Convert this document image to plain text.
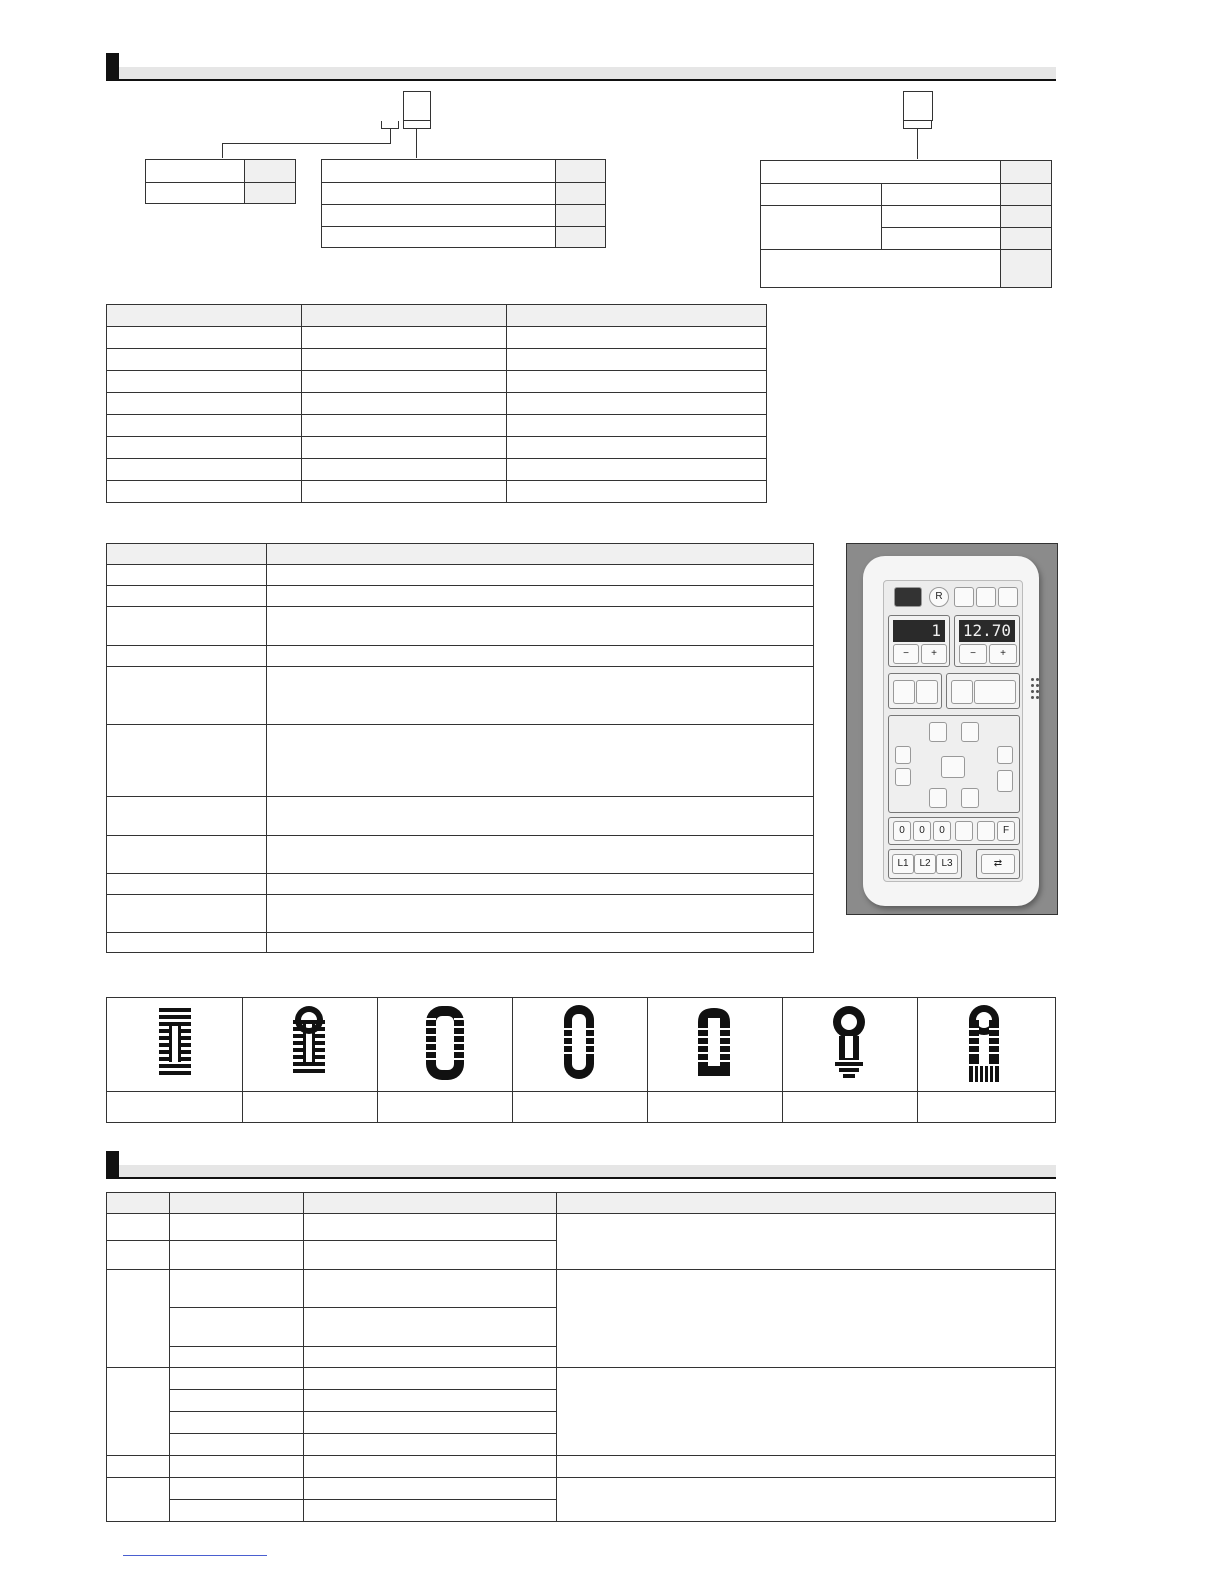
R
1
−	+
12.70
−	+
0	0	0	F
L1	L2	L3	⇄
